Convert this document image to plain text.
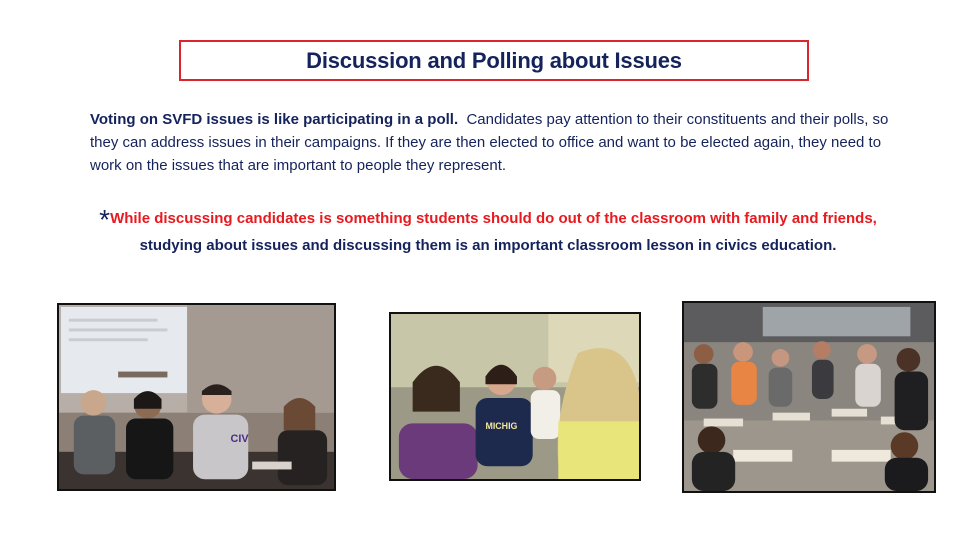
Discussion and Polling about Issues
Voting on SVFD issues is like participating in a poll.  Candidates pay attention to their constituents and their polls, so they can address issues in their campaigns. If they are then elected to office and want to be elected again, they need to work on the issues that are important to people they represent.
*While discussing candidates is something students should do out of the classroom with family and friends,
studying about issues and discussing them is an important classroom lesson in civics education.
CIV
MICHIG
